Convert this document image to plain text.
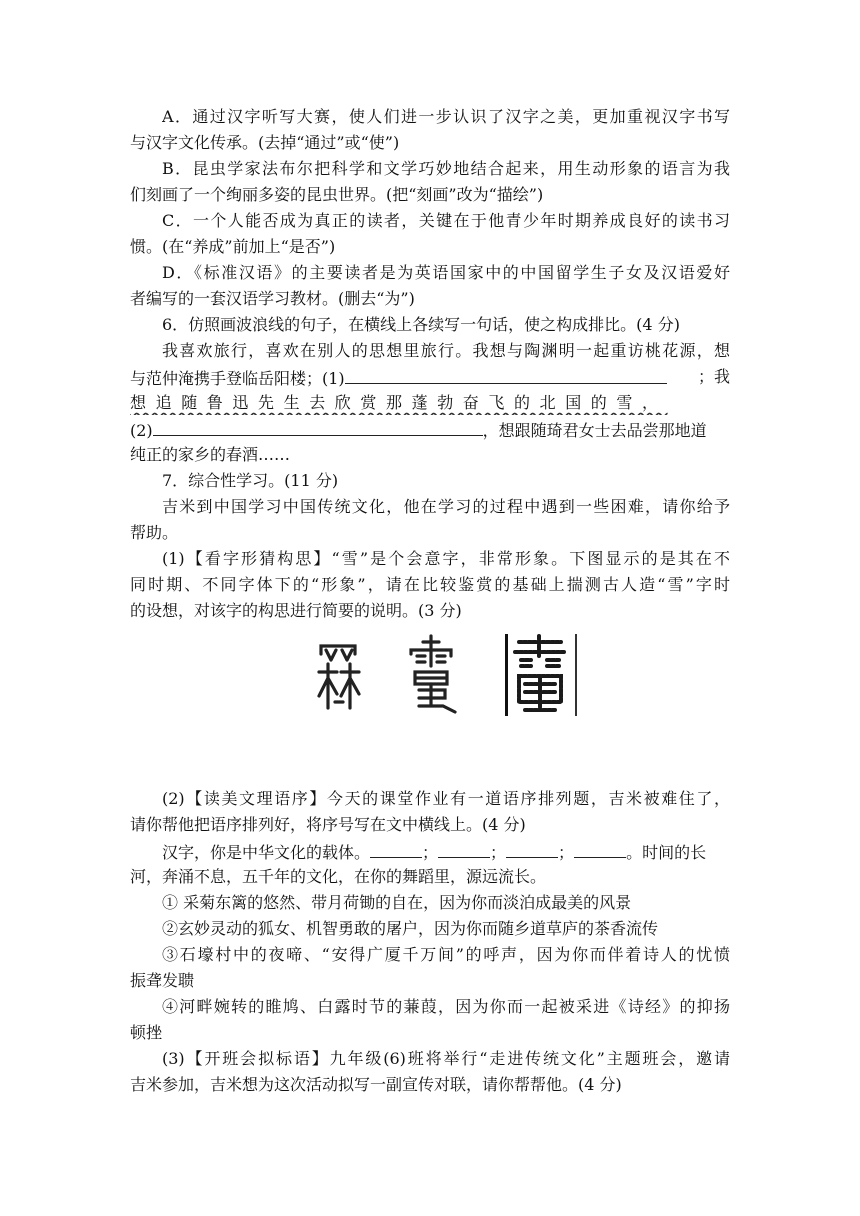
A．通过汉字听写大赛，使人们进一步认识了汉字之美，更加重视汉字书写
与汉字文化传承。(去掉“通过”或“使”)
B．昆虫学家法布尔把科学和文学巧妙地结合起来，用生动形象的语言为我
们刻画了一个绚丽多姿的昆虫世界。(把“刻画”改为“描绘”)
C．一个人能否成为真正的读者，关键在于他青少年时期养成良好的读书习
惯。(在“养成”前加上“是否”)
D．《标准汉语》的主要读者是为英语国家中的中国留学生子女及汉语爱好
者编写的一套汉语学习教材。(删去“为”)
6．仿照画波浪线的句子，在横线上各续写一句话，使之构成排比。(4 分)
我喜欢旅行，喜欢在别人的思想里旅行。我想与陶渊明一起重访桃花源，想
与范仲淹携手登临岳阳楼；(1)	；我
想追随鲁迅先生去欣赏那蓬勃奋飞的北国的雪，
(2)	，想跟随琦君女士去品尝那地道
纯正的家乡的春酒……
7．综合性学习。(11 分)
吉米到中国学习中国传统文化，他在学习的过程中遇到一些困难，请你给予
帮助。
(1)【看字形猜构思】“雪”是个会意字，非常形象。下图显示的是其在不
同时期、不同字体下的“形象”，请在比较鉴赏的基础上揣测古人造“雪”字时
的设想，对该字的构思进行简要的说明。(3 分)
(2)【读美文理语序】今天的课堂作业有一道语序排列题，吉米被难住了，
请你帮他把语序排列好，将序号写在文中横线上。(4 分)
汉字，你是中华文化的载体。	；	；	；	。时间的长
河，奔涌不息，五千年的文化，在你的舞蹈里，源远流长。
① 采菊东篱的悠然、带月荷锄的自在，因为你而淡泊成最美的风景
②玄妙灵动的狐女、机智勇敢的屠户，因为你而随乡道草庐的茶香流传
③石壕村中的夜啼、“安得广厦千万间”的呼声，因为你而伴着诗人的忧愤
振聋发聩
④河畔婉转的睢鸠、白露时节的蒹葭，因为你而一起被采进《诗经》的抑扬
顿挫
(3)【开班会拟标语】九年级(6)班将举行“走进传统文化”主题班会，邀请
吉米参加，吉米想为这次活动拟写一副宣传对联，请你帮帮他。(4 分)
